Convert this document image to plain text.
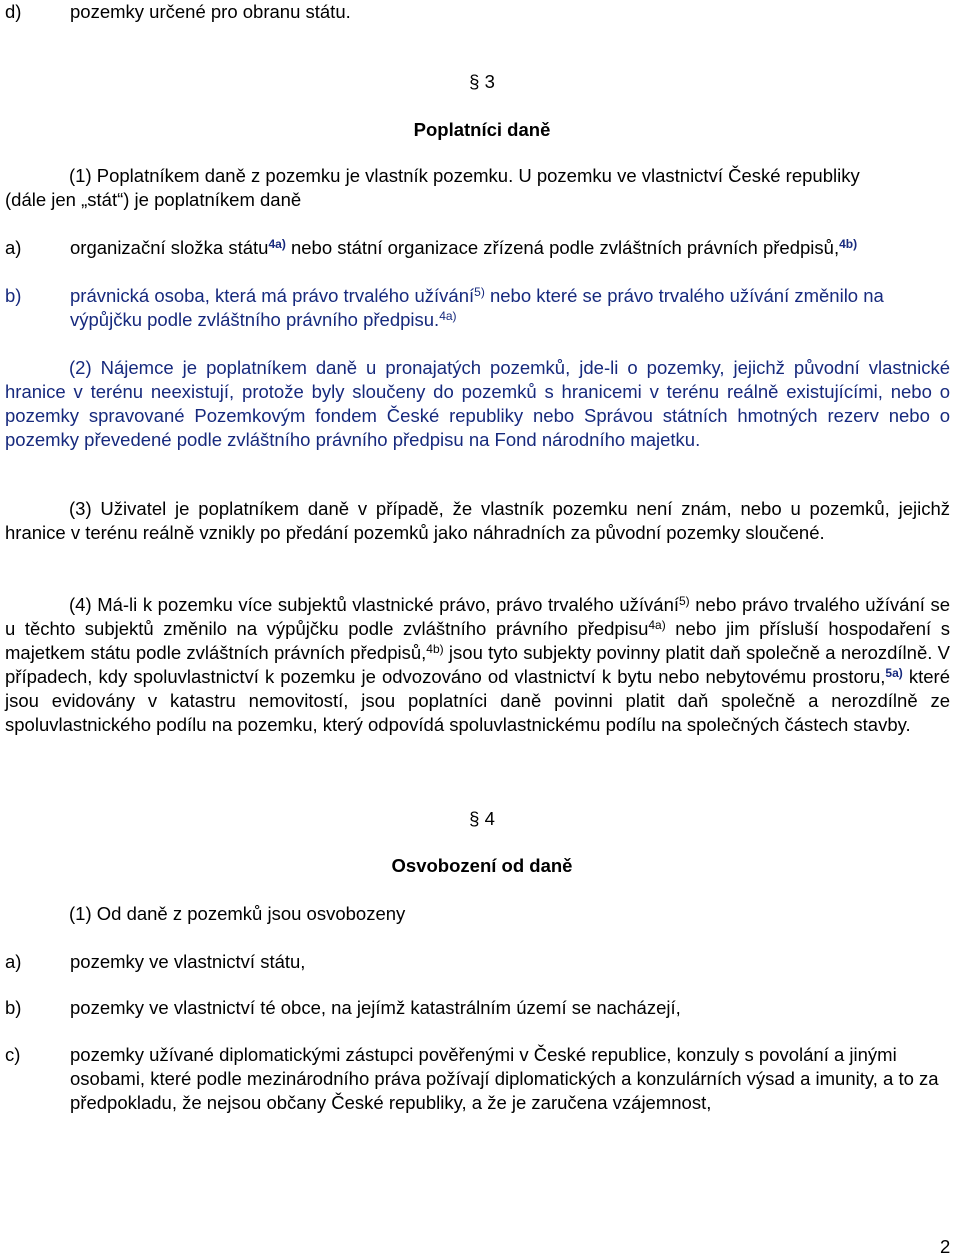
d)	pozemky určené pro obranu státu.
§ 3
Poplatníci daně
(1) Poplatníkem daně z pozemku je vlastník pozemku. U pozemku ve vlastnictví České republiky
(dále jen „stát“) je poplatníkem daně
a)	organizační složka státu$^{4a)}$ nebo státní organizace zřízená podle zvláštních právních předpisů,$^{4b)}$
b)	právnická osoba, která má právo trvalého užívání$^{5)}$ nebo které se právo trvalého užívání změnilo na výpůjčku podle zvláštního právního předpisu.$^{4a)}$
(2) Nájemce je poplatníkem daně u pronajatých pozemků, jde-li o pozemky, jejichž původní vlastnické hranice v terénu neexistují, protože byly sloučeny do pozemků s hranicemi v terénu reálně existujícími, nebo o pozemky spravované Pozemkovým fondem České republiky nebo Správou státních hmotných rezerv nebo o pozemky převedené podle zvláštního právního předpisu na Fond národního majetku.
(3) Uživatel je poplatníkem daně v případě, že vlastník pozemku není znám, nebo u pozemků, jejichž hranice v terénu reálně vznikly po předání pozemků jako náhradních za původní pozemky sloučené.
(4) Má-li k pozemku více subjektů vlastnické právo, právo trvalého užívání$^{5)}$ nebo právo trvalého užívání se u těchto subjektů změnilo na výpůjčku podle zvláštního právního předpisu$^{4a)}$ nebo jim přísluší hospodaření s majetkem státu podle zvláštních právních předpisů,$^{4b)}$ jsou tyto subjekty povinny platit daň společně a nerozdílně. V případech, kdy spoluvlastnictví k pozemku je odvozováno od vlastnictví k bytu nebo nebytovému prostoru,$^{5a)}$ které jsou evidovány v katastru nemovitostí, jsou poplatníci daně povinni platit daň společně a nerozdílně ze spoluvlastnického podílu na pozemku, který odpovídá spoluvlastnickému podílu na společných částech stavby.
§ 4
Osvobození od daně
(1) Od daně z pozemků jsou osvobozeny
a)	pozemky ve vlastnictví státu,
b)	pozemky ve vlastnictví té obce, na jejímž katastrálním území se nacházejí,
c)	pozemky užívané diplomatickými zástupci pověřenými v České republice, konzuly s povolání a jinými osobami, které podle mezinárodního práva požívají diplomatických a konzulárních výsad a imunity, a to za předpokladu, že nejsou občany České republiky, a že je zaručena vzájemnost,
2
